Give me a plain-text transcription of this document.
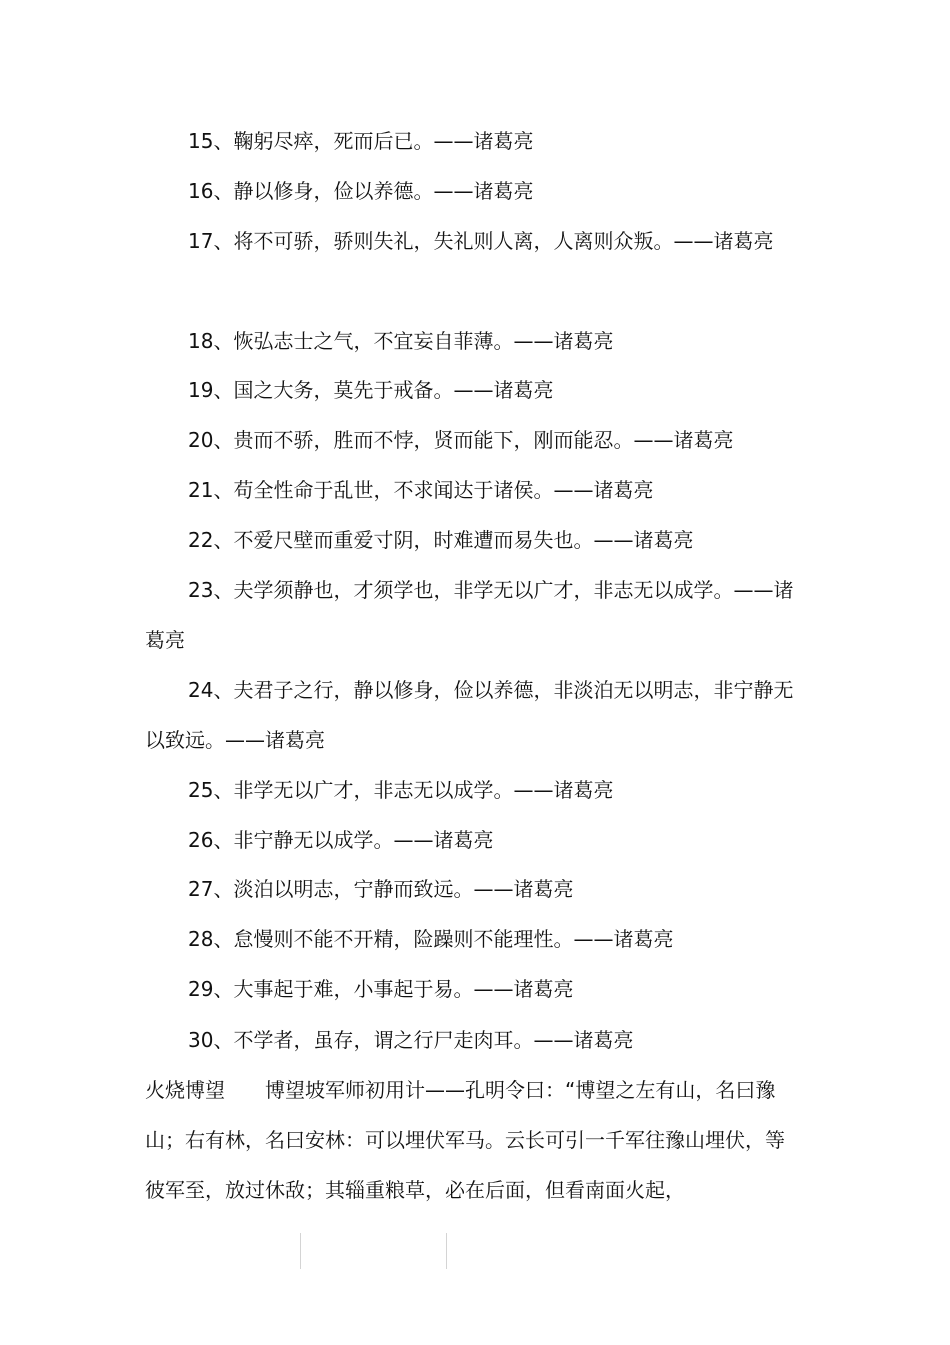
15、鞠躬尽瘁，死而后已。——诸葛亮
16、静以修身，俭以养德。——诸葛亮
17、将不可骄，骄则失礼，失礼则人离，人离则众叛。——诸葛亮
18、恢弘志士之气，不宜妄自菲薄。——诸葛亮
19、国之大务，莫先于戒备。——诸葛亮
20、贵而不骄，胜而不悖，贤而能下，刚而能忍。——诸葛亮
21、苟全性命于乱世，不求闻达于诸侯。——诸葛亮
22、不爱尺壁而重爱寸阴，时难遭而易失也。——诸葛亮
23、夫学须静也，才须学也，非学无以广才，非志无以成学。——诸葛亮
24、夫君子之行，静以修身，俭以养德，非淡泊无以明志，非宁静无以致远。——诸葛亮
25、非学无以广才，非志无以成学。——诸葛亮
26、非宁静无以成学。——诸葛亮
27、淡泊以明志，宁静而致远。——诸葛亮
28、怠慢则不能不开精，险躁则不能理性。——诸葛亮
29、大事起于难，小事起于易。——诸葛亮
30、不学者，虽存，谓之行尸走肉耳。——诸葛亮
火烧博望 博望坡军师初用计——孔明令曰：“博望之左有山，名曰豫山；右有林，名曰安林：可以埋伏军马。云长可引一千军往豫山埋伏，等彼军至，放过休敌；其辎重粮草，必在后面，但看南面火起，
